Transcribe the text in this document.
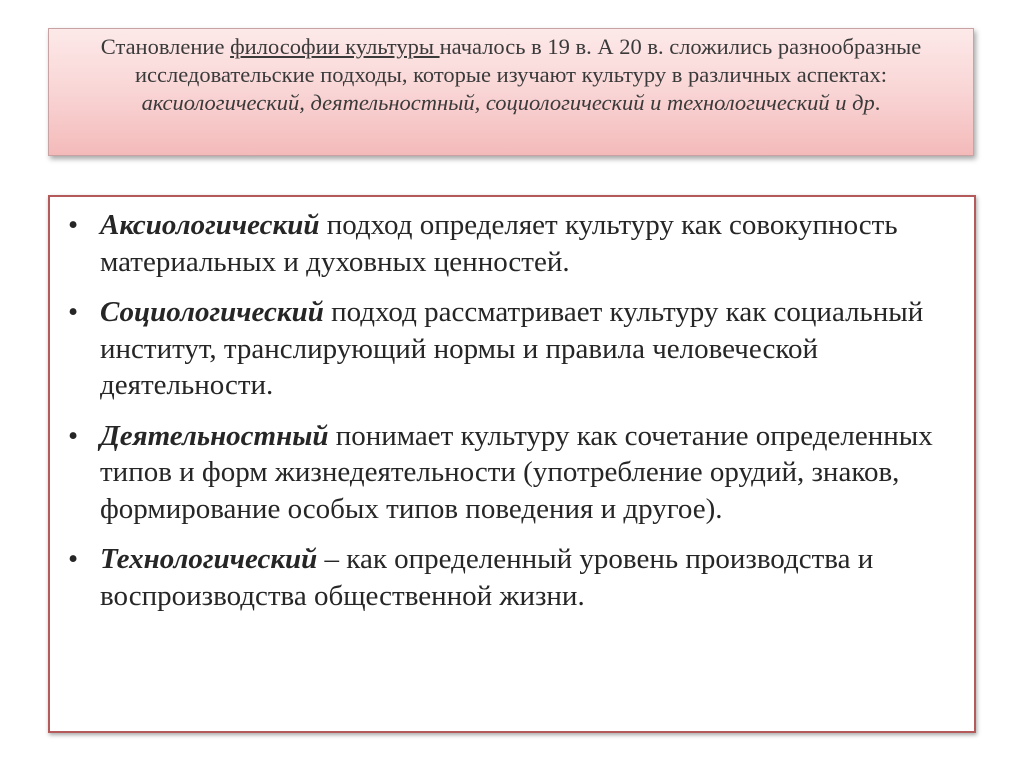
Становление философии культуры началось в 19 в. А 20 в. сложились разнообразные исследовательские подходы, которые изучают культуру в различных аспектах: аксиологический, деятельностный, социологический и технологический и др.
• Аксиологический подход определяет культуру как совокупность материальных и духовных ценностей.
• Социологический подход рассматривает культуру как социальный институт, транслирующий нормы и правила человеческой деятельности.
• Деятельностный понимает культуру как сочетание определенных типов и форм жизнедеятельности (употребление орудий, знаков, формирование особых типов поведения и другое).
• Технологический – как определенный уровень производства и воспроизводства общественной жизни.
